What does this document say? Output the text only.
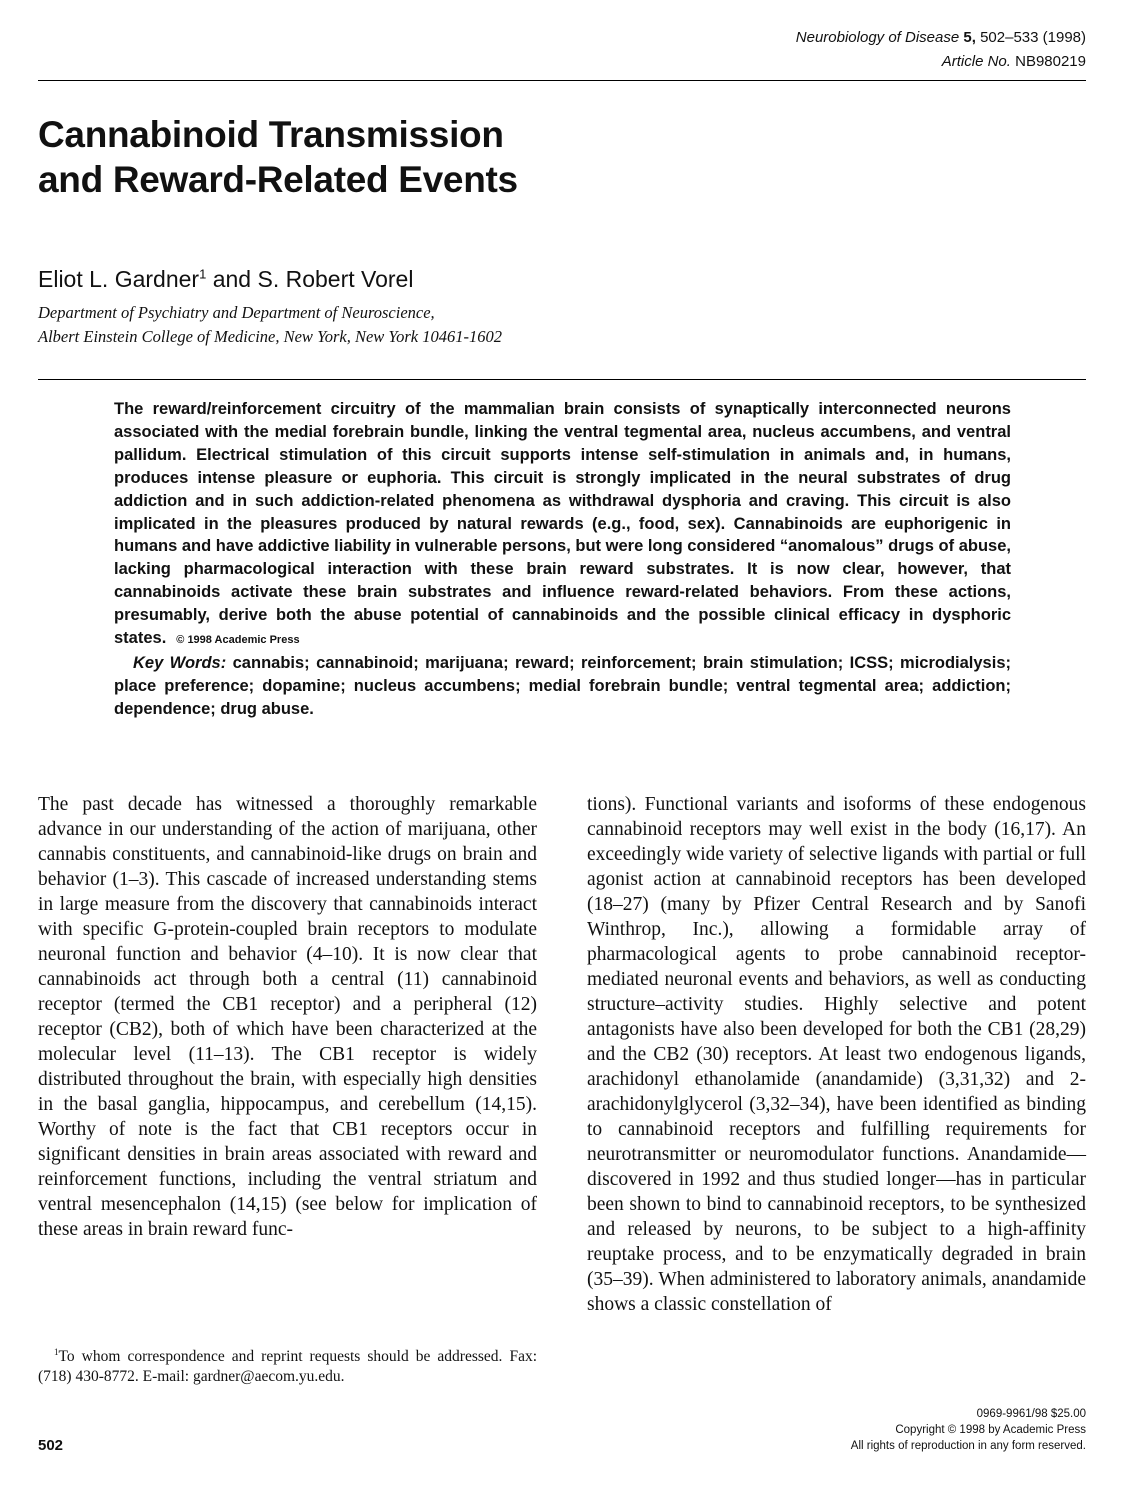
Neurobiology of Disease 5, 502–533 (1998)
Article No. NB980219
Cannabinoid Transmission
and Reward-Related Events
Eliot L. Gardner$^1$ and S. Robert Vorel
Department of Psychiatry and Department of Neuroscience,
Albert Einstein College of Medicine, New York, New York 10461-1602

The reward/reinforcement circuitry of the mammalian brain consists of synaptically interconnected neurons associated with the medial forebrain bundle, linking the ventral tegmental area, nucleus accumbens, and ventral pallidum. Electrical stimulation of this circuit supports intense self-stimulation in animals and, in humans, produces intense pleasure or euphoria. This circuit is strongly implicated in the neural substrates of drug addiction and in such addiction-related phenomena as withdrawal dysphoria and craving. This circuit is also implicated in the pleasures produced by natural rewards (e.g., food, sex). Cannabinoids are euphorigenic in humans and have addictive liability in vulnerable persons, but were long considered “anomalous” drugs of abuse, lacking pharmacological interaction with these brain reward substrates. It is now clear, however, that cannabinoids activate these brain substrates and influence reward-related behaviors. From these actions, presumably, derive both the abuse potential of cannabinoids and the possible clinical efficacy in dysphoric states. © 1998 Academic Press

Key Words: cannabis; cannabinoid; marijuana; reward; reinforcement; brain stimulation; ICSS; microdialysis; place preference; dopamine; nucleus accumbens; medial forebrain bundle; ventral tegmental area; addiction; dependence; drug abuse.

The past decade has witnessed a thoroughly remarkable advance in our understanding of the action of marijuana, other cannabis constituents, and cannabinoid-like drugs on brain and behavior (1–3). This cascade of increased understanding stems in large measure from the discovery that cannabinoids interact with specific G-protein-coupled brain receptors to modulate neuronal function and behavior (4–10). It is now clear that cannabinoids act through both a central (11) cannabinoid receptor (termed the CB1 receptor) and a peripheral (12) receptor (CB2), both of which have been characterized at the molecular level (11–13). The CB1 receptor is widely distributed throughout the brain, with especially high densities in the basal ganglia, hippocampus, and cerebellum (14,15). Worthy of note is the fact that CB1 receptors occur in significant densities in brain areas associated with reward and reinforcement functions, including the ventral striatum and ventral mesencephalon (14,15) (see below for implication of these areas in brain reward func-

tions). Functional variants and isoforms of these endogenous cannabinoid receptors may well exist in the body (16,17). An exceedingly wide variety of selective ligands with partial or full agonist action at cannabinoid receptors has been developed (18–27) (many by Pfizer Central Research and by Sanofi Winthrop, Inc.), allowing a formidable array of pharmacological agents to probe cannabinoid receptor-mediated neuronal events and behaviors, as well as conducting structure–activity studies. Highly selective and potent antagonists have also been developed for both the CB1 (28,29) and the CB2 (30) receptors. At least two endogenous ligands, arachidonyl ethanolamide (anandamide) (3,31,32) and 2-arachidonylglycerol (3,32–34), have been identified as binding to cannabinoid receptors and fulfilling requirements for neurotransmitter or neuromodulator functions. Anandamide—discovered in 1992 and thus studied longer—has in particular been shown to bind to cannabinoid receptors, to be synthesized and released by neurons, to be subject to a high-affinity reuptake process, and to be enzymatically degraded in brain (35–39). When administered to laboratory animals, anandamide shows a classic constellation of

$^1$To whom correspondence and reprint requests should be addressed. Fax: (718) 430-8772. E-mail: gardner@aecom.yu.edu.
502
0969-9961/98 $25.00
Copyright © 1998 by Academic Press
All rights of reproduction in any form reserved.
